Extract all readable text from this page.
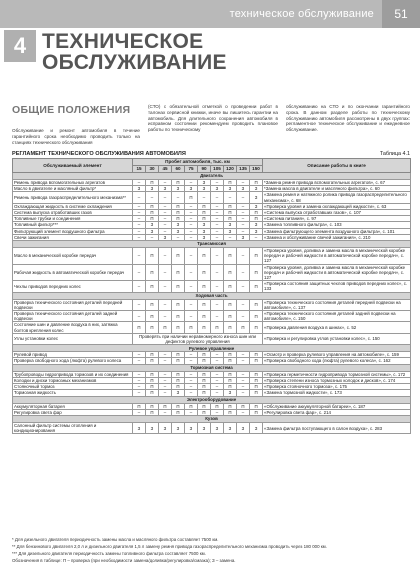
техническое обслуживание	51
4 ТЕХНИЧЕСКОЕ
ОБСЛУЖИВАНИЕ
ОБЩИЕ ПОЛОЖЕНИЯ
Обслуживание и ремонт автомобиля в течение гарантийного срока необходимо проводить только на станциях технического обслуживания
(СТО) с обязательной отметкой о проведении работ в талонах сервисной книжки, иначе вы лишитесь гарантии на автомобиль. Для длительного сохранения автомобиля в исправном состоянии рекомендуем проводить плановое работы по техническому
обслуживанию на СТО и по окончании гарантийного срока. В данном разделе работы по техническому обслуживанию автомобиля рассмотрены в двух группах: регламентное техническое обслуживание и ежедневное обслуживание.
РЕГЛАМЕНТ ТЕХНИЧЕСКОГО ОБСЛУЖИВАНИЯ АВТОМОБИЛЯ	Таблица 4.1
Обслуживаемый элемент	Пробег автомобиля, тыс. км										Описание работы в книге
	15	30	45	60	75	90	105	120	135	150	
Двигатель											
Ремень привода вспомогательных агрегатов	–	П	–	П	–	З	–	П	–	П	*Замена ремня привода вспомогательных агрегатов», с. 67
Масло в двигателе и масляный фильтр*	З	З	З	З	З	З	З	З	З	З	*Замена масла в двигателе и масляного фильтра», с. 60
Ремень привода газораспределительного механизма**	–	–	–	–	П	–	–	–	–	З	«Замена ремня и натяжного ролика привода газораспределительного механизма», с. 68
Охлаждающая жидкость в системе охлаждения	–	П	–	П	–	П	–	П	–	З	«Проверка уровня и замена охлаждающей жидкости», с. 63
Система выпуска отработавших газов	–	П	–	П	–	П	–	П	–	П	«Система выпуска отработавших газов», с. 107
Топливные трубки и соединения	–	П	–	П	–	П	–	П	–	П	«Система питания», с. 97
Топливный фильтр***	–	З	–	З	–	З	–	З	–	З	«Замена топливного фильтра», с. 103
Фильтрующий элемент воздушного фильтра	–	З	–	З	–	З	–	З	–	З	«Замена фильтрующего элемента воздушного фильтра», с. 101
Свечи зажигания	–	–	З	–	–	З	–	–	З	–	«Замена и обслуживание свечей зажигания», с. 210
Трансмиссия											
Масло в механической коробке передач	–	П	–	П	–	П	–	П	–	П	«Проверка уровня, доливка и замена масла в механической коробке передач и рабочей жидкости в автоматической коробке передач», с. 127
Рабочая жидкость в автоматической коробке передач	–	П	–	П	–	П	–	П	–	П	«Проверка уровня, доливка и замена масла в механической коробке передач и рабочей жидкости в автоматической коробке передач», с. 127
Чехлы приводов передних колес	–	П	–	П	–	П	–	П	–	П	«Проверка состояния защитных чехлов приводов передних колес», с. 133
Ходовая часть											
Проверка технического состояния деталей передней подвески	–	П	–	П	–	П	–	П	–	П	«Проверка технического состояния деталей передней подвески на автомобиле», с. 137
Проверка технического состояния деталей задней подвески	–	П	–	П	–	П	–	П	–	П	«Проверка технического состояния деталей задней подвески на автомобиле», с. 150
Состояние шин и давление воздуха в них, затяжка болтов крепления колес	П	П	П	П	П	П	П	П	П	П	«Проверка давления воздуха в шинах», с. 52
Углы установки колес	Проверять при наличии неравномерного износа шин или дефектов рулевого управления										«Проверка и регулировка углов установки колес», с. 150
Рулевое управление											
Рулевой привод	–	П	–	П	–	П	–	П	–	П	«Осмотр и проверка рулевого управления на автомобиле», с. 159
Проверка свободного хода (люфта) рулевого колеса	–	П	–	П	–	П	–	П	–	П	«Проверка свободного хода (люфта) рулевого колеса», с. 162
Тормозная система											
Трубопроводы гидропривода тормозов и их соединения	–	П	–	П	–	П	–	П	–	П	«Проверка герметичности гидропривода тормозной системы», с. 172
Колодки и диски тормозных механизмов	–	П	–	П	–	П	–	П	–	П	«Проверка степени износа тормозных колодок и дисков», с. 174
Стояночный тормоз	–	П	–	П	–	П	–	П	–	П	«Проверка стояночного тормоза», с. 175
Тормозная жидкость	–	П	–	З	–	П	–	З	–	П	«Замена тормозной жидкости», с. 173
Электрооборудование											
Аккумуляторная батарея	П	П	П	П	П	П	П	П	П	П	«Обслуживание аккумуляторной батареи», с. 187
Регулировка света фар	–	П	–	П	–	П	–	П	–	П	«Регулировка света фар», с. 214
Кузов											
Салонный фильтр системы отопления и кондиционирования	З	З	З	З	З	З	З	З	З	З	«Замена фильтра поступающего в салон воздуха», с. 283
* Для дизельного двигателя периодичность замены масла и масляного фильтра составляет 7500 км.
** Для бензинового двигателя 2,0 л и дизельного двигателя 1,5 л замену ремня привода газораспределительного механизма проводить через 180 000 км.
*** Для дизельного двигателя периодичность замены топливного фильтра составляет 7500 км.
Обозначения в таблице: П – проверка (при необходимости замена/доливка/регулировка/смазка); З – замена.
